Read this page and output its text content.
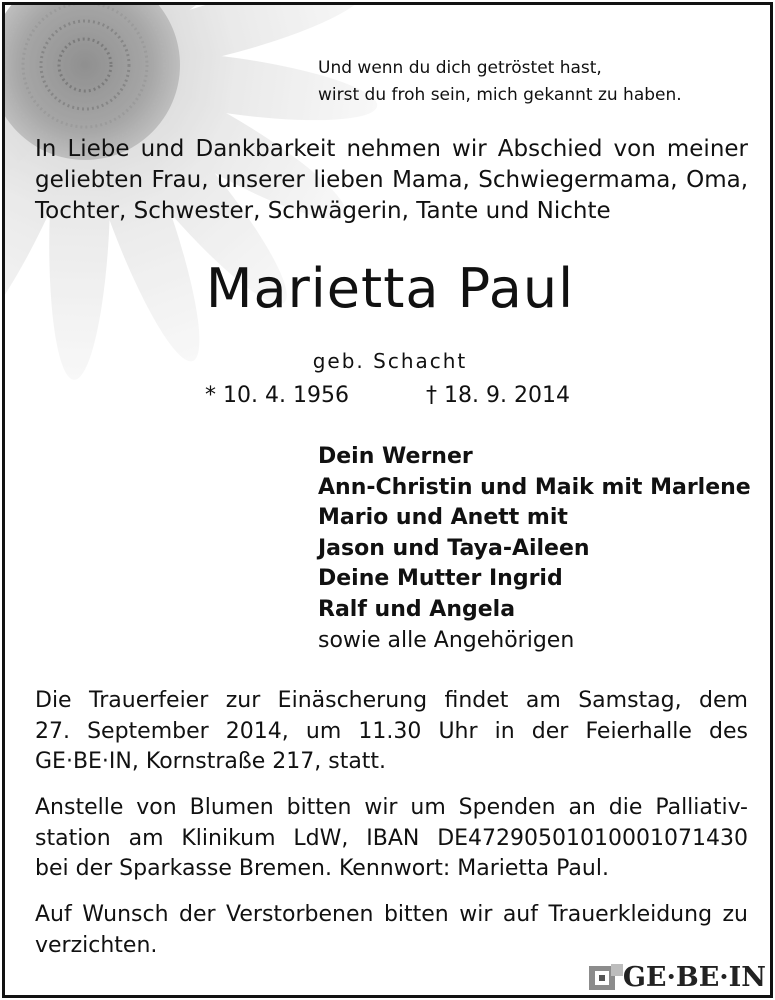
Und wenn du dich getröstet hast,
wirst du froh sein, mich gekannt zu haben.
In Liebe und Dankbarkeit nehmen wir Abschied von meiner
geliebten Frau, unserer lieben Mama, Schwiegermama, Oma,
Tochter, Schwester, Schwägerin, Tante und Nichte
Marietta Paul
geb. Schacht
* 10. 4. 1956	† 18. 9. 2014
Dein Werner
Ann-Christin und Maik mit Marlene
Mario und Anett mit
Jason und Taya-Aileen
Deine Mutter Ingrid
Ralf und Angela
sowie alle Angehörigen
Die Trauerfeier zur Einäscherung findet am Samstag, dem
27. September 2014, um 11.30 Uhr in der Feierhalle des
GE·BE·IN, Kornstraße 217, statt.
Anstelle von Blumen bitten wir um Spenden an die Palliativ-
station am Klinikum LdW, IBAN DE47290501010001071430
bei der Sparkasse Bremen. Kennwort: Marietta Paul.
Auf Wunsch der Verstorbenen bitten wir auf Trauerkleidung zu
verzichten.
GE·BE·IN
